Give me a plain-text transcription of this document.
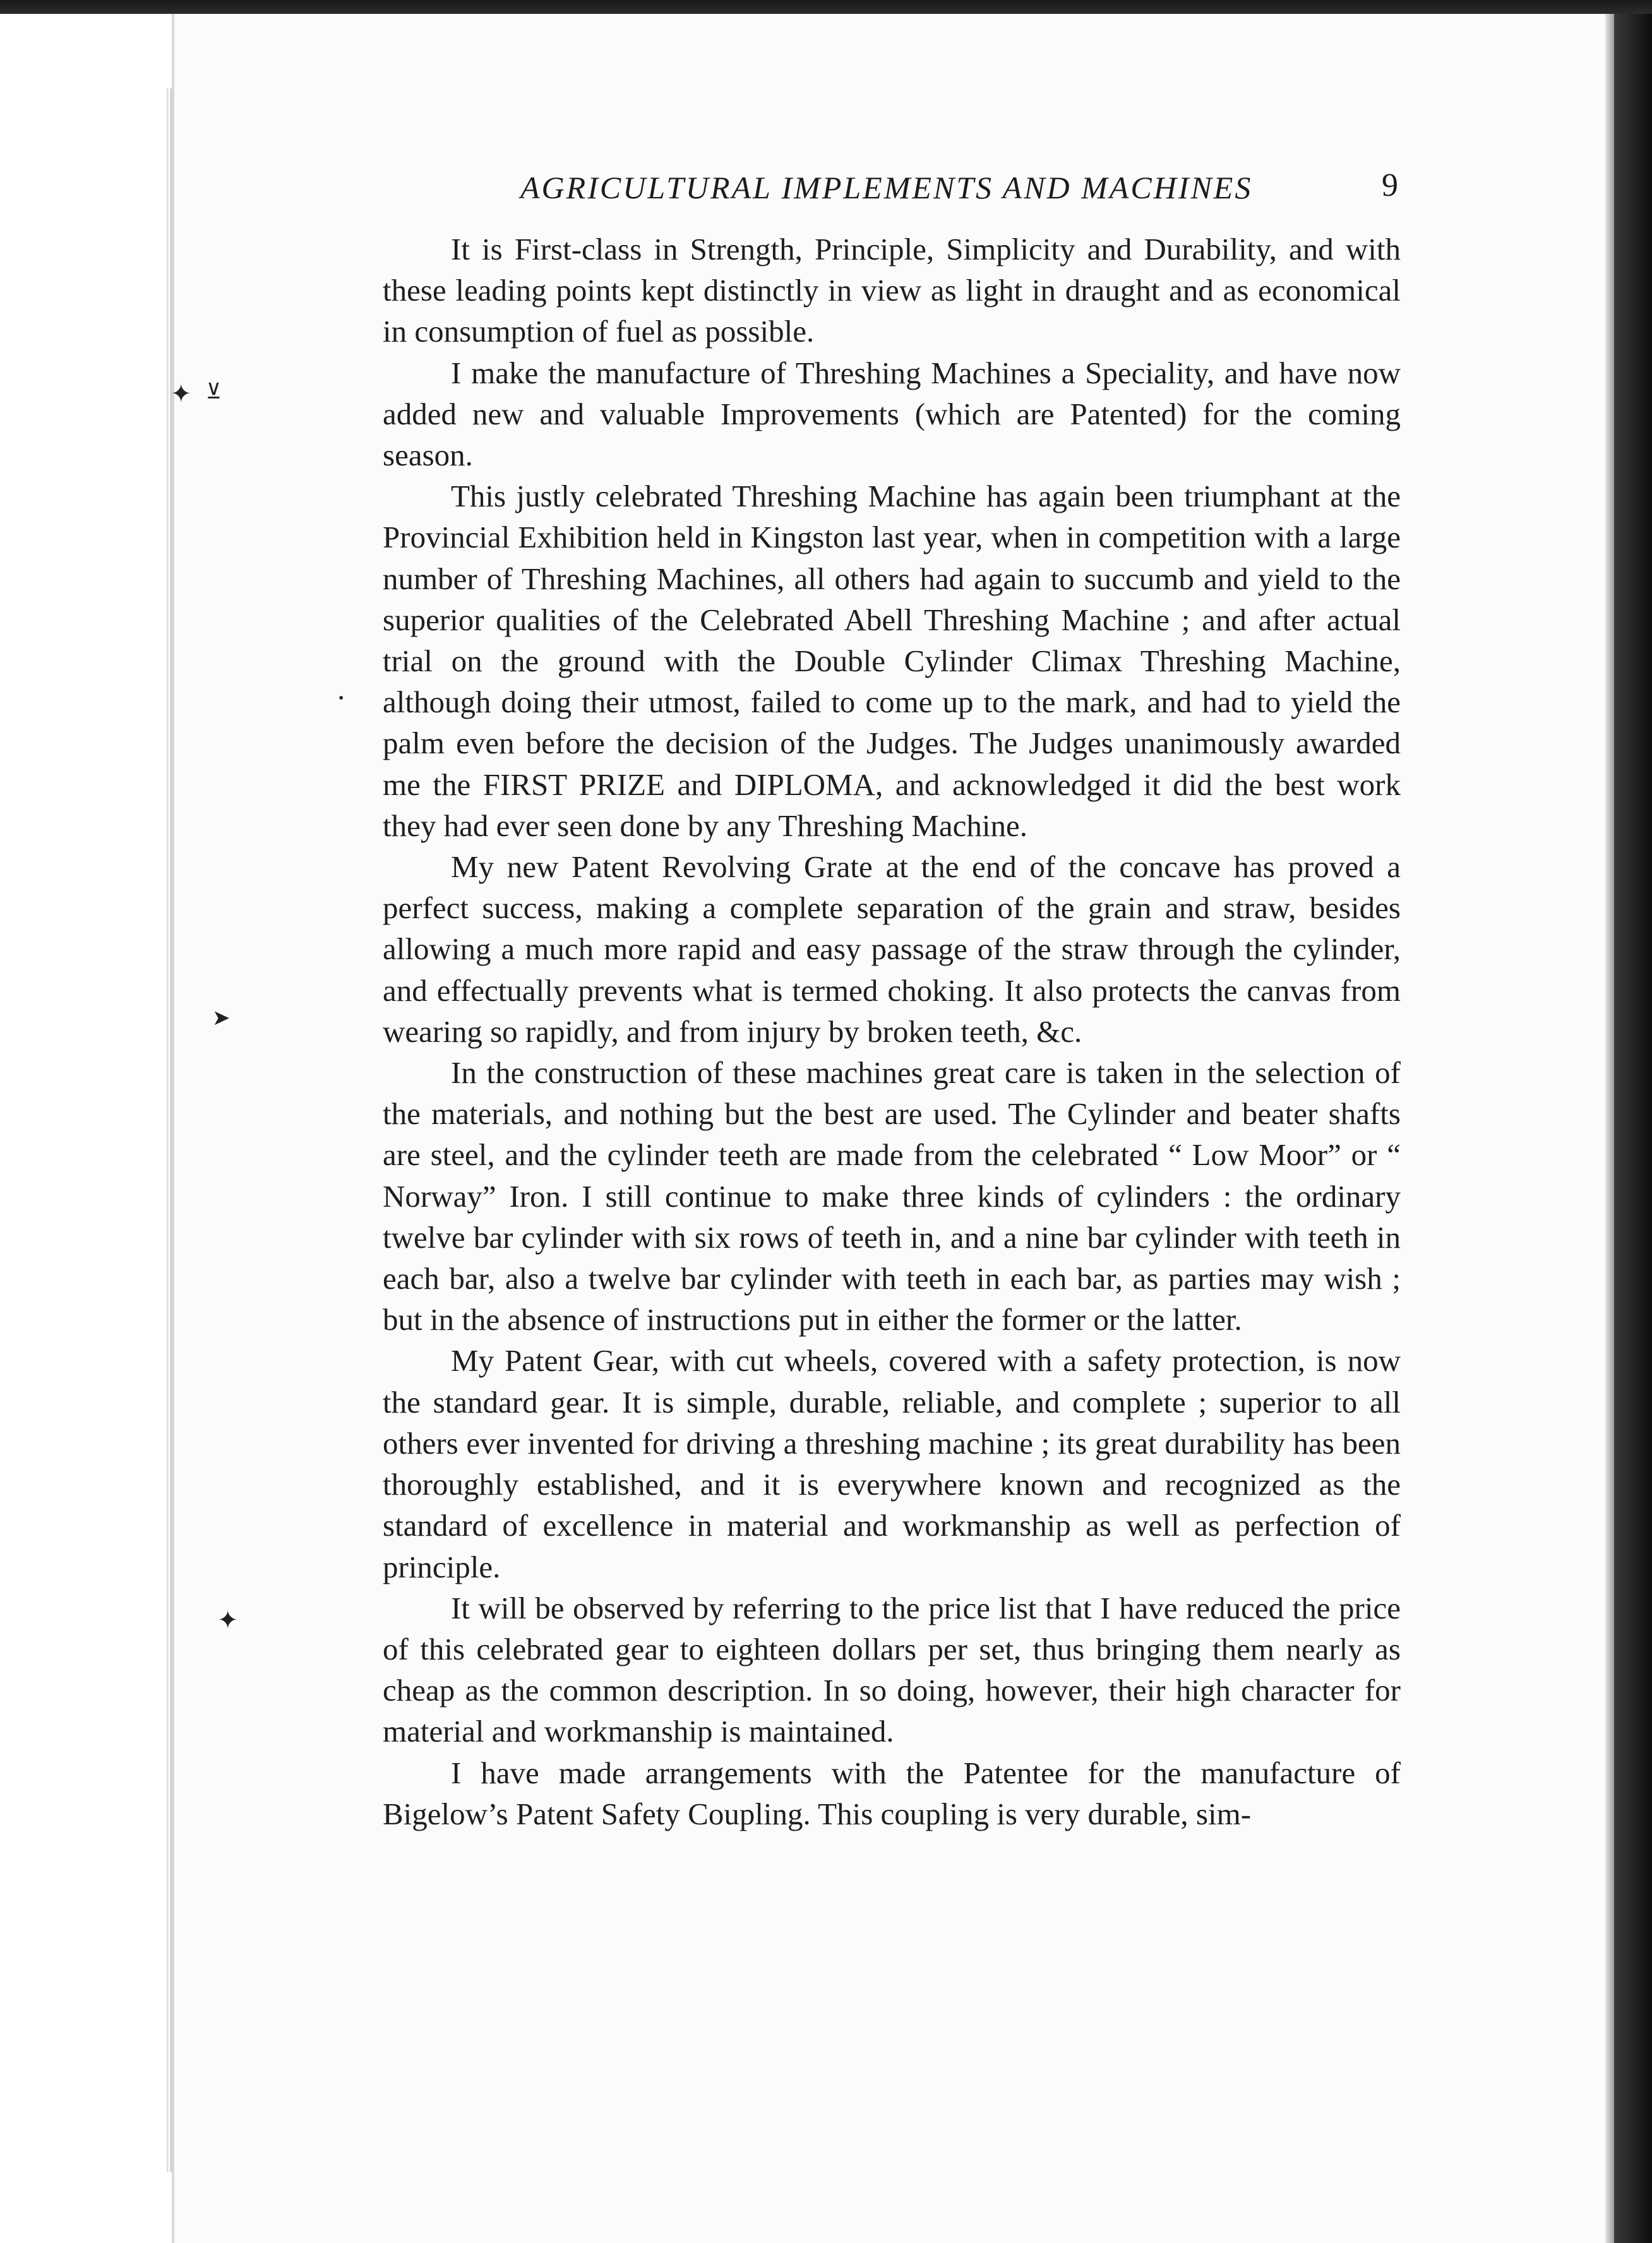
✦ ⊻
➤
✦
•
AGRICULTURAL IMPLEMENTS AND MACHINES	9

It is First-class in Strength, Principle, Simplicity and Durability, and with these leading points kept distinctly in view as light in draught and as economical in consumption of fuel as possible.

I make the manufacture of Threshing Machines a Speciality, and have now added new and valuable Improvements (which are Patented) for the coming season.

This justly celebrated Threshing Machine has again been triumphant at the Provincial Exhibition held in Kingston last year, when in competition with a large number of Threshing Machines, all others had again to succumb and yield to the superior qualities of the Celebrated Abell Threshing Machine ; and after actual trial on the ground with the Double Cylinder Climax Threshing Machine, although doing their utmost, failed to come up to the mark, and had to yield the palm even before the decision of the Judges. The Judges unanimously awarded me the FIRST PRIZE and DIPLOMA, and acknowledged it did the best work they had ever seen done by any Threshing Machine.

My new Patent Revolving Grate at the end of the concave has proved a perfect success, making a complete separation of the grain and straw, besides allowing a much more rapid and easy passage of the straw through the cylinder, and effectually prevents what is termed choking. It also protects the canvas from wearing so rapidly, and from injury by broken teeth, &c.

In the construction of these machines great care is taken in the selection of the materials, and nothing but the best are used. The Cylinder and beater shafts are steel, and the cylinder teeth are made from the celebrated “ Low Moor” or “ Norway” Iron. I still continue to make three kinds of cylinders : the ordinary twelve bar cylinder with six rows of teeth in, and a nine bar cylinder with teeth in each bar, also a twelve bar cylinder with teeth in each bar, as parties may wish ; but in the absence of instructions put in either the former or the latter.

My Patent Gear, with cut wheels, covered with a safety protection, is now the standard gear. It is simple, durable, reliable, and complete ; superior to all others ever invented for driving a threshing machine ; its great durability has been thoroughly established, and it is everywhere known and recognized as the standard of excellence in material and workmanship as well as perfection of principle.

It will be observed by referring to the price list that I have reduced the price of this celebrated gear to eighteen dollars per set, thus bringing them nearly as cheap as the common description. In so doing, however, their high character for material and workmanship is maintained.

I have made arrangements with the Patentee for the manufacture of Bigelow’s Patent Safety Coupling. This coupling is very durable, sim-
